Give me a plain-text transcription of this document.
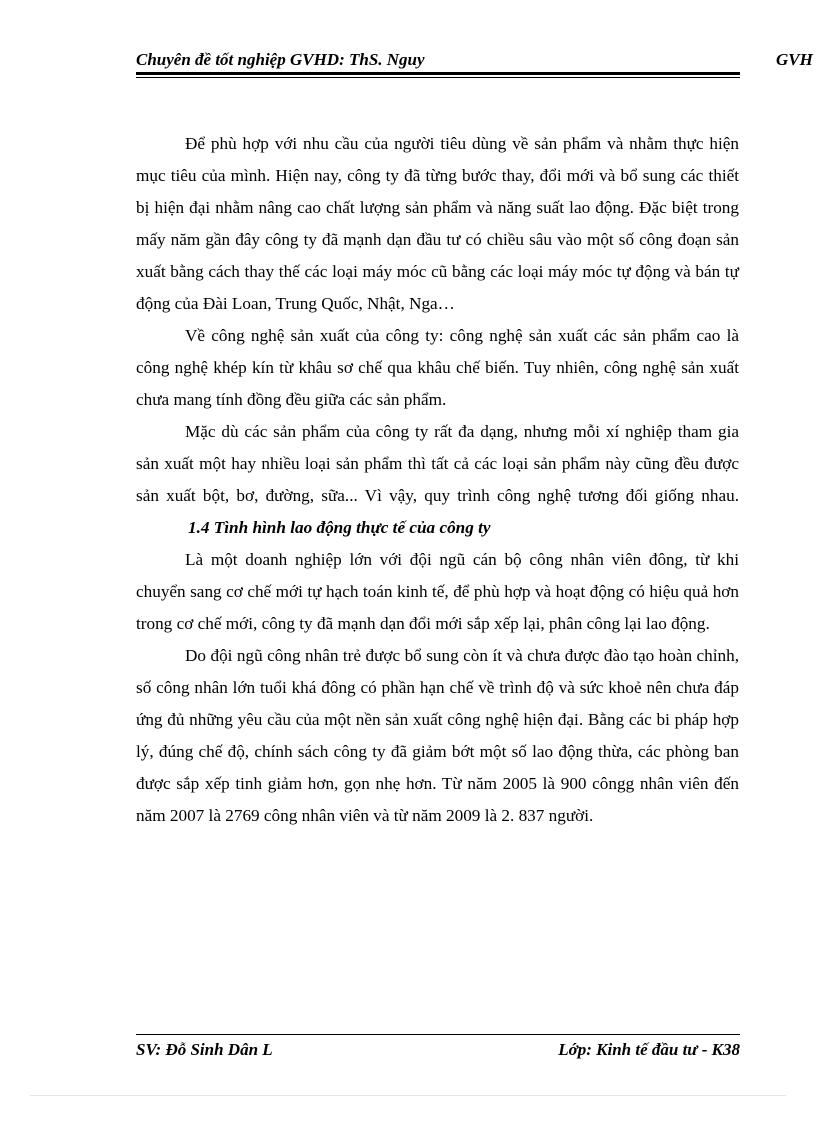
Chuyên đề tốt nghiệp GVHD: ThS. Nguy	GVH

Để phù hợp với nhu cầu của người tiêu dùng về sản phẩm và nhằm thực hiện mục tiêu của mình. Hiện nay, công ty đã từng bước thay, đổi mới và bổ sung các thiết bị hiện đại nhằm nâng cao chất lượng sản phẩm và năng suất lao động. Đặc biệt trong mấy năm gần đây công ty đã mạnh dạn đầu tư có chiều sâu vào một số công đoạn sản xuất bằng cách thay thế các loại máy móc cũ bằng các loại máy móc tự động và bán tự động của Đài Loan, Trung Quốc, Nhật, Nga…

Về công nghệ sản xuất của công ty: công nghệ sản xuất các sản phẩm cao là công nghệ khép kín từ khâu sơ chế qua khâu chế biến. Tuy nhiên, công nghệ sản xuất chưa mang tính đồng đều giữa các sản phẩm.

Mặc dù các sản phẩm của công ty rất đa dạng, nhưng mỗi xí nghiệp tham gia sản xuất một hay nhiều loại sản phẩm thì tất cả các loại sản phẩm này cũng đều được sản xuất bột, bơ, đường, sữa... Vì vậy, quy trình công nghệ tương đối giống nhau.

1.4 Tình hình lao động thực tế của công ty

Là một doanh nghiệp lớn với đội ngũ cán bộ công nhân viên đông, từ khi chuyển sang cơ chế mới tự hạch toán kinh tế, để phù hợp và hoạt động có hiệu quả hơn trong cơ chế mới, công ty đã mạnh dạn đổi mới sắp xếp lại, phân công lại lao động.

Do đội ngũ công nhân trẻ được bổ sung còn ít và chưa được đào tạo hoàn chỉnh, số công nhân lớn tuổi khá đông có phần hạn chế về trình độ và sức khoẻ nên chưa đáp ứng đủ những yêu cầu của một nền sản xuất công nghệ hiện đại. Bằng các bi pháp hợp lý, đúng chế độ, chính sách công ty đã giảm bớt một số lao động thừa, các phòng ban được sắp xếp tinh giảm hơn, gọn nhẹ hơn. Từ năm 2005 là 900 côngg nhân viên đến năm 2007 là 2769 công nhân viên và từ năm 2009 là 2. 837 người.

SV: Đỗ Sinh Dân L	Lớp: Kinh tế đầu tư - K38
